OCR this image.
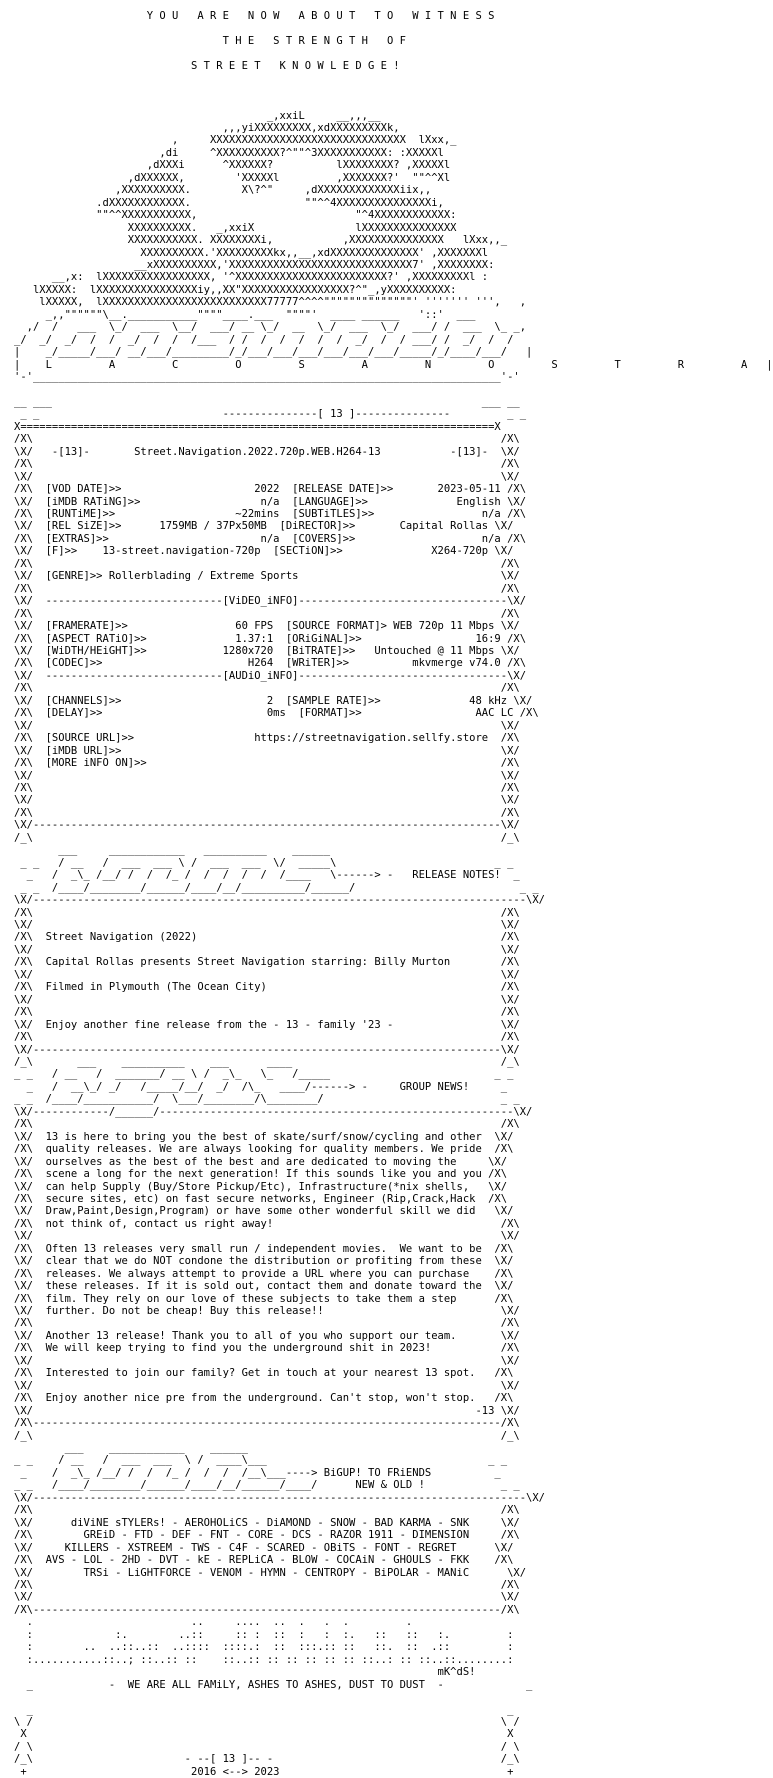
Y O U   A R E   N O W   A B O U T   T O   W I T N E S S
T H E   S T R E N G T H   O F
S T R E E T   K N O W L E D G E !
_,xxiL     __,,,__
,,,yiXXXXXXXXX,xdXXXXXXXXXk,
,     XXXXXXXXXXXXXXXXXXXXXXXXXXXXXXX  lXxx,_
,di     ^XXXXXXXXXX?^""^3XXXXXXXXXXX: :XXXXXl
,dXXXi      ^XXXXXX?          lXXXXXXXX? ,XXXXXl
,dXXXXXX,        'XXXXXl         ,XXXXXXX?'  ""^^Xl
,XXXXXXXXXX.        X\?^"     ,dXXXXXXXXXXXXXiix,,
.dXXXXXXXXXXXX.                  ""^^4XXXXXXXXXXXXXXXi,
""^^XXXXXXXXXXX,                         "^4XXXXXXXXXXXX:
XXXXXXXXXX.   _,xxiX                lXXXXXXXXXXXXXXX
XXXXXXXXXXX. XXXXXXXXi,           ,XXXXXXXXXXXXXXX   lXxx,,_
XXXXXXXXXX.'XXXXXXXXXkx,,__,xdXXXXXXXXXXXXXX' ,XXXXXXXl
__xXXXXXXXXXX,'XXXXXXXXXXXXXXXXXXXXXXXXXXXXX7' ,XXXXXXXX:
__,x:  lXXXXXXXXXXXXXXXXX, '^XXXXXXXXXXXXXXXXXXXXXXXX?' ,XXXXXXXXXl :
lXXXXX:  lXXXXXXXXXXXXXXXXiy,,XX"XXXXXXXXXXXXXXXXX?^"_,yXXXXXXXXXX:
lXXXXX,  lXXXXXXXXXXXXXXXXXXXXXXXXXX77777^^^^""""""""""""""' ''''''' ''',   ,
_,,""""""\__.___________""""____.___  """"'  ____ ______   '::'  ___
,/  /   ___  \_/  ___  \__/  ___/ __ \_/  __  \_/  ___  \_/  ___/ /  ___  \_ _,
_/  _/  _/  /  /  _/  /  /  /___  / /  /  /  /  /  /  _/  /  / ___/ /  _/  /  /
|    _/_____/___/ __/___/_________/_/___/___/___/___/___/___/_____/_/____/___/   |
|    L         A         C         O         S         A         N         O         S         T         R         A   |
'-'__________________________________________________________________________'-'
__ ___                                                                    ___ __
_ _                             ---------------[ 13 ]---------------         _ _
X===========================================================================X
/X\                                                                          /X\
\X/   -[13]-       Street.Navigation.2022.720p.WEB.H264-13           -[13]-  \X/
/X\                                                                          /X\
\X/                                                                          \X/
/X\  [VOD DATE]>>                     2022  [RELEASE DATE]>>       2023-05-11 /X\
\X/  [iMDB RATiNG]>>                   n/a  [LANGUAGE]>>              English \X/
/X\  [RUNTiME]>>                   ~22mins  [SUBTiTLES]>>                 n/a /X\
\X/  [REL SiZE]>>      1759MB / 37Px50MB  [DiRECTOR]>>       Capital Rollas \X/
/X\  [EXTRAS]>>                        n/a  [COVERS]>>                    n/a /X\
\X/  [F]>>    13-street.navigation-720p  [SECTiON]>>              X264-720p \X/
/X\                                                                          /X\
\X/  [GENRE]>> Rollerblading / Extreme Sports                                \X/
/X\                                                                          /X\
\X/  ----------------------------[ViDEO_iNFO]---------------------------------\X/
/X\                                                                          /X\
\X/  [FRAMERATE]>>                 60 FPS  [SOURCE FORMAT]> WEB 720p 11 Mbps \X/
/X\  [ASPECT RATiO]>>              1.37:1  [ORiGiNAL]>>                  16:9 /X\
\X/  [WiDTH/HEiGHT]>>            1280x720  [BiTRATE]>>   Untouched @ 11 Mbps \X/
/X\  [CODEC]>>                       H264  [WRiTER]>>          mkvmerge v74.0 /X\
\X/  ----------------------------[AUDiO_iNFO]---------------------------------\X/
/X\                                                                          /X\
\X/  [CHANNELS]>>                       2  [SAMPLE RATE]>>              48 kHz \X/
/X\  [DELAY]>>                          0ms  [FORMAT]>>                  AAC LC /X\
\X/                                                                          \X/
/X\  [SOURCE URL]>>                   https://streetnavigation.sellfy.store  /X\
\X/  [iMDB URL]>>                                                            \X/
/X\  [MORE iNFO ON]>>                                                        /X\
\X/                                                                          \X/
/X\                                                                          /X\
\X/                                                                          \X/
/X\                                                                          /X\
\X/--------------------------------------------------------------------------\X/
/_\                                                                          /_\
___     ____________   __________    ______
_ _   / __   /  ___  ___ \ /  ___  ___  \/  _____\                         _ _
_   /  _\_ /__/ /  /  /_ /  /  /  /  /  /____   \------> -   RELEASE NOTES!  _
_ _  /____/________/______/____/__/__________/______/                          _ _
\X/------------------------------------------------------------------------------\X/
/X\                                                                          /X\
\X/                                                                          \X/
/X\  Street Navigation (2022)                                                /X\
\X/                                                                          \X/
/X\  Capital Rollas presents Street Navigation starring: Billy Murton        /X\
\X/                                                                          \X/
/X\  Filmed in Plymouth (The Ocean City)                                     /X\
\X/                                                                          \X/
/X\                                                                          /X\
\X/  Enjoy another fine release from the - 13 - family '23 -                 \X/
/X\                                                                          /X\
\X/--------------------------------------------------------------------------\X/
/_\       ___    __________    ___      ____                                 /_\
_ _   / __   /  _______/ __ \ /  _\_   \_   /_____                          _ _
_   /  __\_/ _/   /_____/__/  _/  /\_   ____/------> -     GROUP NEWS!     _
_ _  /____/___________/  \___/________/\________/                            _ _
\X/------------/______/--------------------------------------------------------\X/
/X\                                                                          /X\
\X/  13 is here to bring you the best of skate/surf/snow/cycling and other  \X/
/X\  quality releases. We are always looking for quality members. We pride  /X\
\X/  ourselves as the best of the best and are dedicated to moving the     \X/
/X\  scene a long for the next generation! If this sounds like you and you /X\
\X/  can help Supply (Buy/Store Pickup/Etc), Infrastructure(*nix shells,   \X/
/X\  secure sites, etc) on fast secure networks, Engineer (Rip,Crack,Hack  /X\
\X/  Draw,Paint,Design,Program) or have some other wonderful skill we did   \X/
/X\  not think of, contact us right away!                                    /X\
\X/                                                                          \X/
/X\  Often 13 releases very small run / independent movies.  We want to be  /X\
\X/  clear that we do NOT condone the distribution or profiting from these  \X/
/X\  releases. We always attempt to provide a URL where you can purchase    /X\
\X/  these releases. If it is sold out, contact them and donate toward the  \X/
/X\  film. They rely on our love of these subjects to take them a step      /X\
\X/  further. Do not be cheap! Buy this release!!                            \X/
/X\                                                                          /X\
\X/  Another 13 release! Thank you to all of you who support our team.       \X/
/X\  We will keep trying to find you the underground shit in 2023!           /X\
\X/                                                                          \X/
/X\  Interested to join our family? Get in touch at your nearest 13 spot.   /X\
\X/                                                                          \X/
/X\  Enjoy another nice pre from the underground. Can't stop, won't stop.   /X\
\X/                                                                      -13 \X/
/X\--------------------------------------------------------------------------/X\
/_\                                                                          /_\
___    ____________    ______
_ _    / __   /  ___  ___  \ /  ____\___                                   _ _
_    /  _\_ /__/ /  /  /_ /  /  /  /__\___----> BiGUP! TO FRiENDS          _
_ _   /____/________/______/____/__/______/____/      NEW & OLD !            _ _
\X/------------------------------------------------------------------------------\X/
/X\                                                                          /X\
\X/      diViNE sTYLERs! - AEROHOLiCS - DiAMOND - SNOW - BAD KARMA - SNK     \X/
/X\        GREiD - FTD - DEF - FNT - CORE - DCS - RAZOR 1911 - DIMENSION     /X\
\X/     KILLERS - XSTREEM - TWS - C4F - SCARED - OBiTS - FONT - REGRET      \X/
/X\  AVS - LOL - 2HD - DVT - kE - REPLiCA - BLOW - COCAiN - GHOULS - FKK    /X\
\X/        TRSi - LiGHTFORCE - VENOM - HYMN - CENTROPY - BiPOLAR - MANiC      \X/
/X\                                                                          /X\
\X/                                                                          \X/
/X\--------------------------------------------------------------------------/X\
.                         ..     ....  ..  .   .  .         .
:             :.        ..::     :: :  ::  :   :  :.   ::   ::   :.         :
:        ..  ..::..::  ..::::  ::::.:  ::  :::.:: ::   ::.  ::  .::         :
:...........::..; ::..:: ::    ::..:: :: :: :: :: :: ::..: :: ::..::........:
mK^dS!
_            -  WE ARE ALL FAMiLY, ASHES TO ASHES, DUST TO DUST  -             _
_                                                                           _
\ /                                                                          \ /
X                                                                            X
/ \                                                                          / \
/_\                        - --[ 13 ]-- -                                    /_\
+                          2016 <--> 2023                                    +
